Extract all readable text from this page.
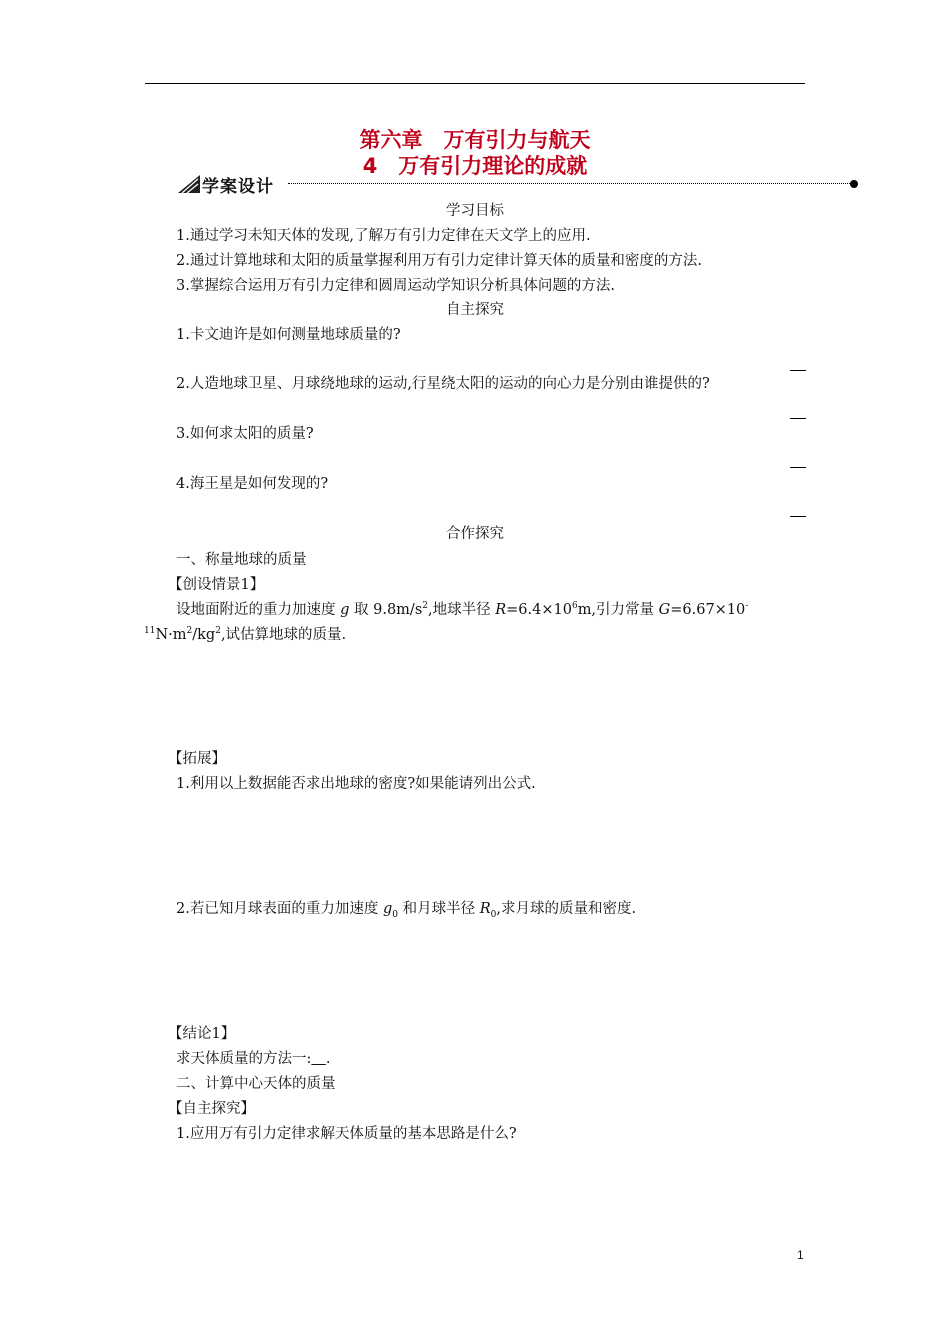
第六章　万有引力与航天
4　万有引力理论的成就
学案设计
学习目标
1.通过学习未知天体的发现,了解万有引力定律在天文学上的应用.
2.通过计算地球和太阳的质量掌握利用万有引力定律计算天体的质量和密度的方法.
3.掌握综合运用万有引力定律和圆周运动学知识分析具体问题的方法.
自主探究
1.卡文迪许是如何测量地球质量的?
2.人造地球卫星、月球绕地球的运动,行星绕太阳的运动的向心力是分别由谁提供的?
3.如何求太阳的质量?
4.海王星是如何发现的?
合作探究
一、称量地球的质量
【创设情景1】
设地面附近的重力加速度 g 取 $9.8m/s^2$,地球半径 $R=6.4\times 10^6m$,引力常量 G=6.67×10-
$^{11}N\cdot m^2/kg^2$,试估算地球的质量.
【拓展】
1.利用以上数据能否求出地球的密度?如果能请列出公式.
2.若已知月球表面的重力加速度 $g_0$ 和月球半径 $R_0$,求月球的质量和密度.
【结论1】
求天体质量的方法一:　 .
二、计算中心天体的质量
【自主探究】
1.应用万有引力定律求解天体质量的基本思路是什么?
1
